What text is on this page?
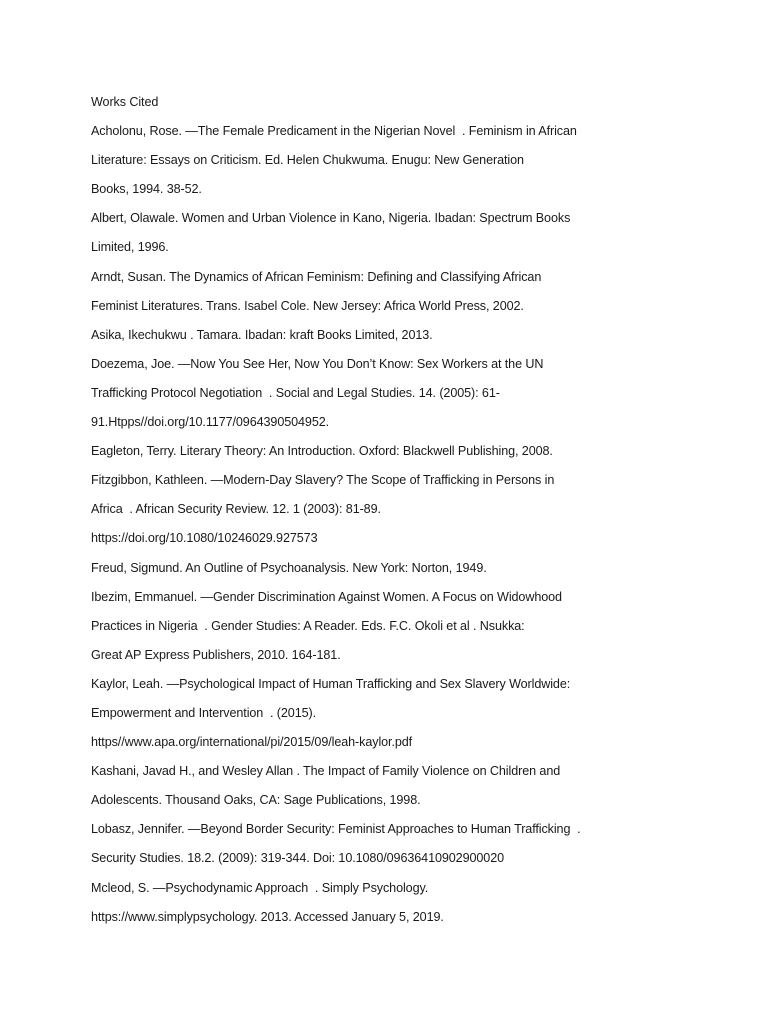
Works Cited
Acholonu, Rose. —The Female Predicament in the Nigerian Novel  . Feminism in African
Literature: Essays on Criticism. Ed. Helen Chukwuma. Enugu: New Generation
Books, 1994. 38-52.
Albert, Olawale. Women and Urban Violence in Kano, Nigeria. Ibadan: Spectrum Books
Limited, 1996.
Arndt, Susan. The Dynamics of African Feminism: Defining and Classifying African
Feminist Literatures. Trans. Isabel Cole. New Jersey: Africa World Press, 2002.
Asika, Ikechukwu . Tamara. Ibadan: kraft Books Limited, 2013.
Doezema, Joe. —Now You See Her, Now You Don’t Know: Sex Workers at the UN
Trafficking Protocol Negotiation  . Social and Legal Studies. 14. (2005): 61-
91.Htpps//doi.org/10.1177/0964390504952.
Eagleton, Terry. Literary Theory: An Introduction. Oxford: Blackwell Publishing, 2008.
Fitzgibbon, Kathleen. —Modern-Day Slavery? The Scope of Trafficking in Persons in
Africa  . African Security Review. 12. 1 (2003): 81-89.
https://doi.org/10.1080/10246029.927573
Freud, Sigmund. An Outline of Psychoanalysis. New York: Norton, 1949.
Ibezim, Emmanuel. —Gender Discrimination Against Women. A Focus on Widowhood
Practices in Nigeria  . Gender Studies: A Reader. Eds. F.C. Okoli et al . Nsukka:
Great AP Express Publishers, 2010. 164-181.
Kaylor, Leah. —Psychological Impact of Human Trafficking and Sex Slavery Worldwide:
Empowerment and Intervention  . (2015).
https//www.apa.org/international/pi/2015/09/leah-kaylor.pdf
Kashani, Javad H., and Wesley Allan . The Impact of Family Violence on Children and
Adolescents. Thousand Oaks, CA: Sage Publications, 1998.
Lobasz, Jennifer. —Beyond Border Security: Feminist Approaches to Human Trafficking  .
Security Studies. 18.2. (2009): 319-344. Doi: 10.1080/09636410902900020
Mcleod, S. —Psychodynamic Approach  . Simply Psychology.
https://www.simplypsychology. 2013. Accessed January 5, 2019.
